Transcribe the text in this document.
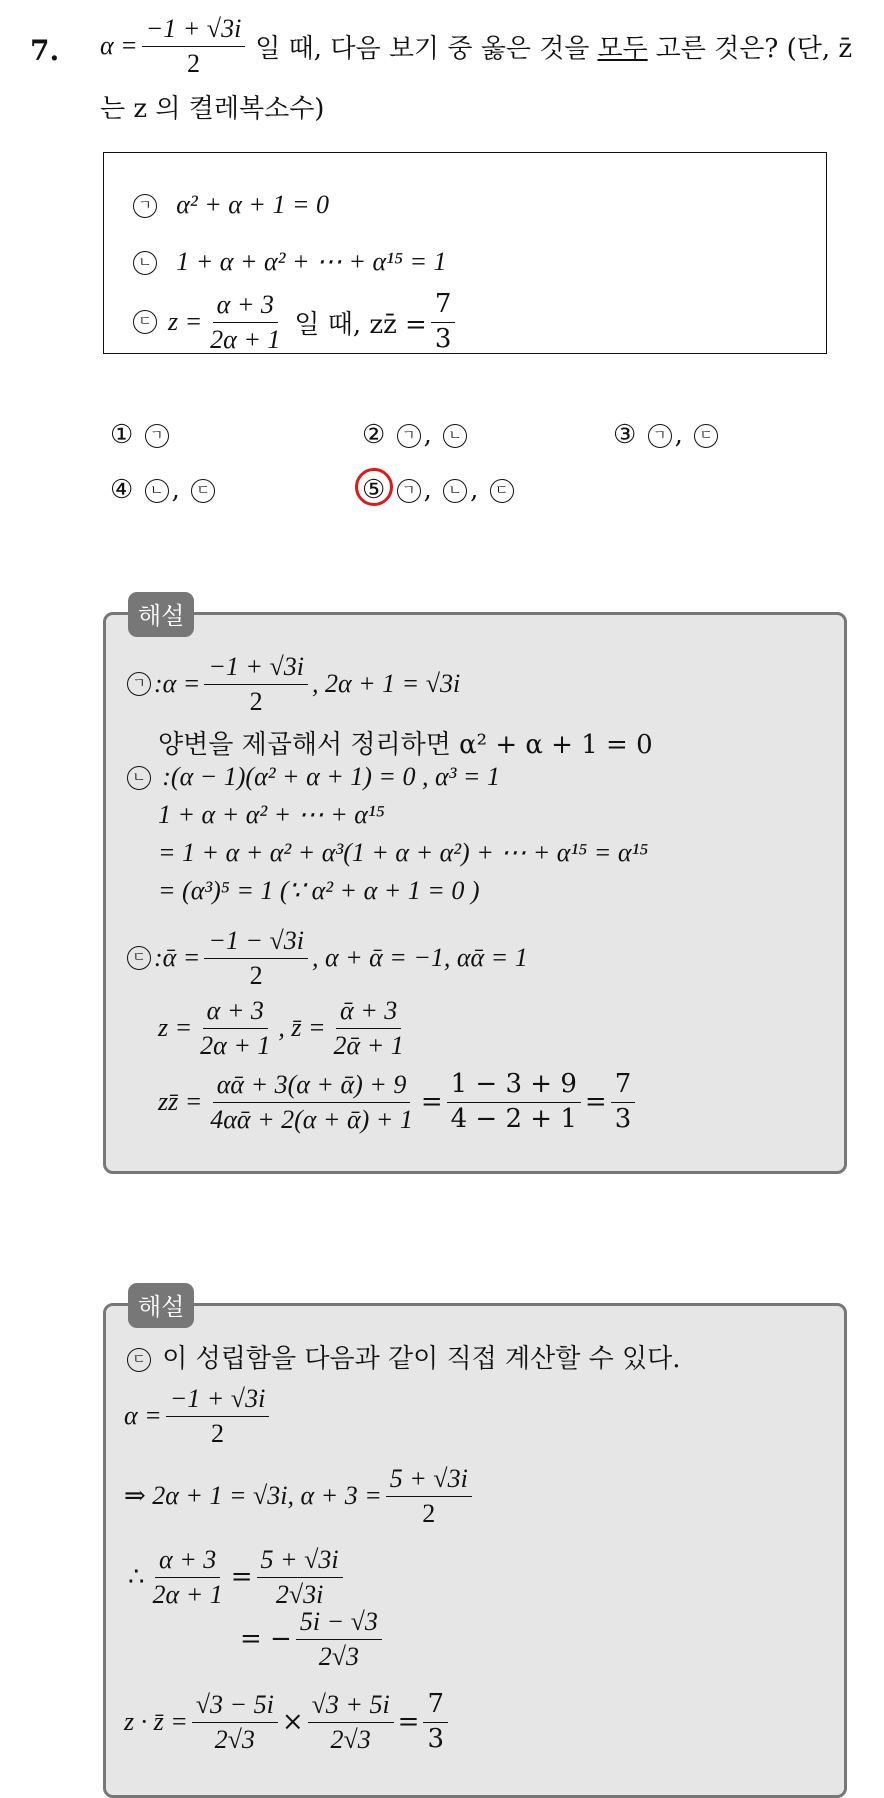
7. $\alpha = \frac{-1 + √3i}{2}$ 일 때, 다음 보기 중 옳은 것을 모두 고른 것은? (단, z̄
는 z 의 켤레복소수)
ㄱ α² + α + 1 = 0
ㄴ 1 + α + α² + ⋯ + α¹⁵ = 1
ㄷ $z = \frac{\alpha + 3}{2\alpha + 1}$ 일 때, zz̄ = $\frac{7}{3}$
① ㄱ	② ㄱ , ㄴ	③ ㄱ , ㄷ
④ ㄴ , ㄷ	⑤ ㄱ , ㄴ , ㄷ
해설
ㄱ :α = $\frac{-1 + √3i}{2}$ , 2α + 1 = √3i
양변을 제곱해서 정리하면 α² + α + 1 = 0
ㄴ :(α − 1)(α² + α + 1) = 0 , α³ = 1
1 + α + α² + ⋯ + α¹⁵
= 1 + α + α² + α³(1 + α + α²) + ⋯ + α¹⁵ = α¹⁵
= (α³)⁵ = 1 (∵ α² + α + 1 = 0 )
ㄷ :ᾱ = $\frac{-1 - √3i}{2}$ , α + ᾱ = −1, αᾱ = 1
$z = \frac{\alpha + 3}{2\alpha + 1}$ , z̄ = $\frac{\text{ᾱ + 3}}{\text{2ᾱ + 1}}$
zz̄ = $\frac{\text{αᾱ + 3(α + ᾱ) + 9}}{\text{4αᾱ + 2(α + ᾱ) + 1}} = \frac{1 - 3 + 9}{4 - 2 + 1} = \frac{7}{3}$
해설
ㄷ 이 성립함을 다음과 같이 직접 계산할 수 있다.
$\alpha = \frac{-1 + √3i}{2}$
⇒ 2α + 1 = √3i, $\alpha + 3 = \frac{5 + √3i}{2}$
∴ $\frac{\alpha + 3}{2\alpha + 1} = \frac{5 + √3i}{2√3i}$
= − $\frac{5i - √3}{2√3}$
z · z̄ = $\frac{√3 - 5i}{2√3} \times \frac{√3 + 5i}{2√3} = \frac{7}{3}$
